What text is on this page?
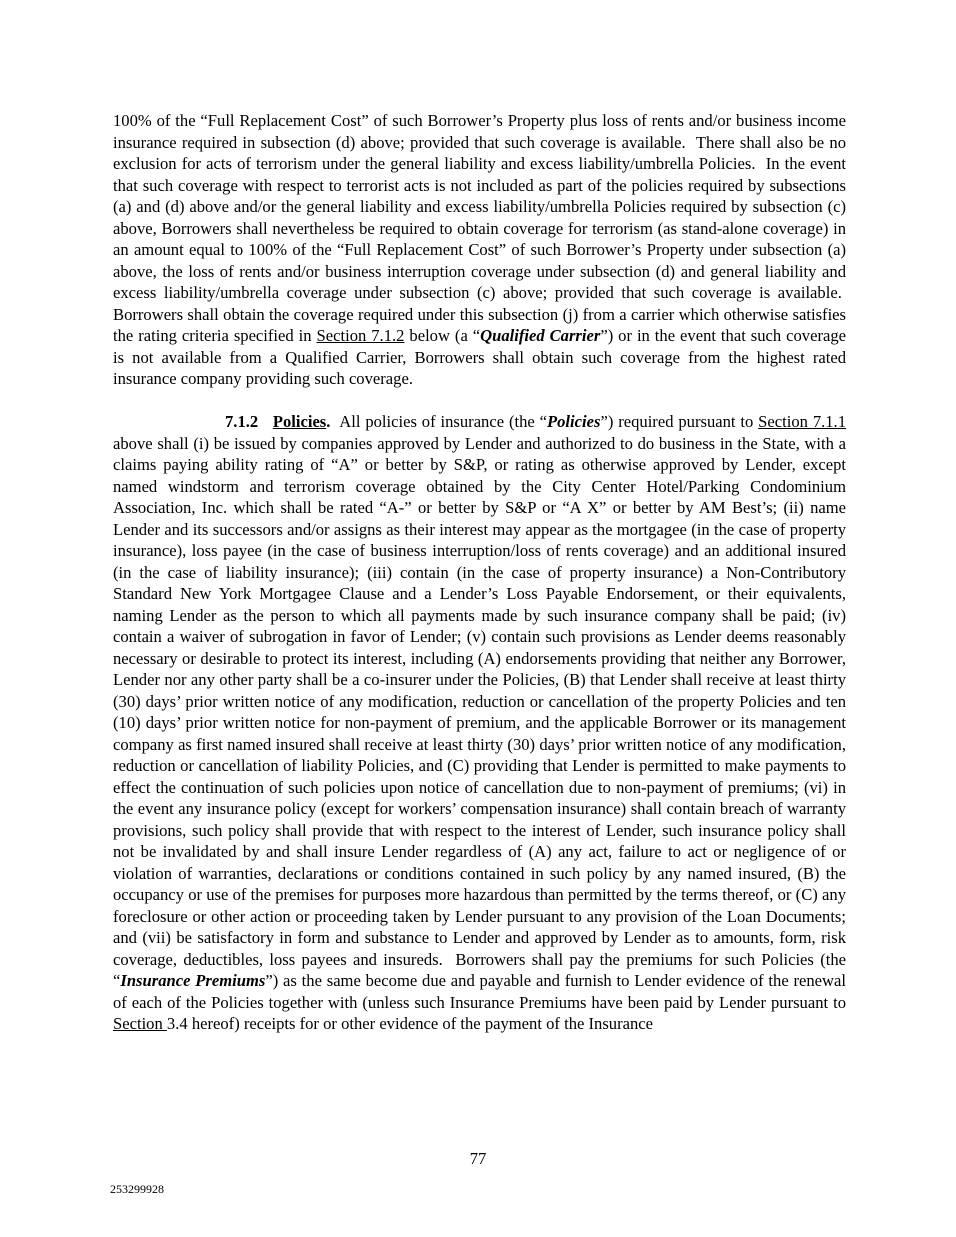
100% of the “Full Replacement Cost” of such Borrower’s Property plus loss of rents and/or business income insurance required in subsection (d) above; provided that such coverage is available.  There shall also be no exclusion for acts of terrorism under the general liability and excess liability/umbrella Policies.  In the event that such coverage with respect to terrorist acts is not included as part of the policies required by subsections (a) and (d) above and/or the general liability and excess liability/umbrella Policies required by subsection (c) above, Borrowers shall nevertheless be required to obtain coverage for terrorism (as stand-alone coverage) in an amount equal to 100% of the “Full Replacement Cost” of such Borrower’s Property under subsection (a) above, the loss of rents and/or business interruption coverage under subsection (d) and general liability and excess liability/umbrella coverage under subsection (c) above; provided that such coverage is available.  Borrowers shall obtain the coverage required under this subsection (j) from a carrier which otherwise satisfies the rating criteria specified in Section 7.1.2 below (a “Qualified Carrier”) or in the event that such coverage is not available from a Qualified Carrier, Borrowers shall obtain such coverage from the highest rated insurance company providing such coverage.

7.1.2 Policies.  All policies of insurance (the “Policies”) required pursuant to Section 7.1.1 above shall (i) be issued by companies approved by Lender and authorized to do business in the State, with a claims paying ability rating of “A” or better by S&P, or rating as otherwise approved by Lender, except named windstorm and terrorism coverage obtained by the City Center Hotel/Parking Condominium Association, Inc. which shall be rated “A-” or better by S&P or “A X” or better by AM Best’s; (ii) name Lender and its successors and/or assigns as their interest may appear as the mortgagee (in the case of property insurance), loss payee (in the case of business interruption/loss of rents coverage) and an additional insured (in the case of liability insurance); (iii) contain (in the case of property insurance) a Non-Contributory Standard New York Mortgagee Clause and a Lender’s Loss Payable Endorsement, or their equivalents, naming Lender as the person to which all payments made by such insurance company shall be paid; (iv) contain a waiver of subrogation in favor of Lender; (v) contain such provisions as Lender deems reasonably necessary or desirable to protect its interest, including (A) endorsements providing that neither any Borrower, Lender nor any other party shall be a co-insurer under the Policies, (B) that Lender shall receive at least thirty (30) days’ prior written notice of any modification, reduction or cancellation of the property Policies and ten (10) days’ prior written notice for non-payment of premium, and the applicable Borrower or its management company as first named insured shall receive at least thirty (30) days’ prior written notice of any modification, reduction or cancellation of liability Policies, and (C) providing that Lender is permitted to make payments to effect the continuation of such policies upon notice of cancellation due to non-payment of premiums; (vi) in the event any insurance policy (except for workers’ compensation insurance) shall contain breach of warranty provisions, such policy shall provide that with respect to the interest of Lender, such insurance policy shall not be invalidated by and shall insure Lender regardless of (A) any act, failure to act or negligence of or violation of warranties, declarations or conditions contained in such policy by any named insured, (B) the occupancy or use of the premises for purposes more hazardous than permitted by the terms thereof, or (C) any foreclosure or other action or proceeding taken by Lender pursuant to any provision of the Loan Documents; and (vii) be satisfactory in form and substance to Lender and approved by Lender as to amounts, form, risk coverage, deductibles, loss payees and insureds.  Borrowers shall pay the premiums for such Policies (the “Insurance Premiums”) as the same become due and payable and furnish to Lender evidence of the renewal of each of the Policies together with (unless such Insurance Premiums have been paid by Lender pursuant to Section 3.4 hereof) receipts for or other evidence of the payment of the Insurance

77
253299928
